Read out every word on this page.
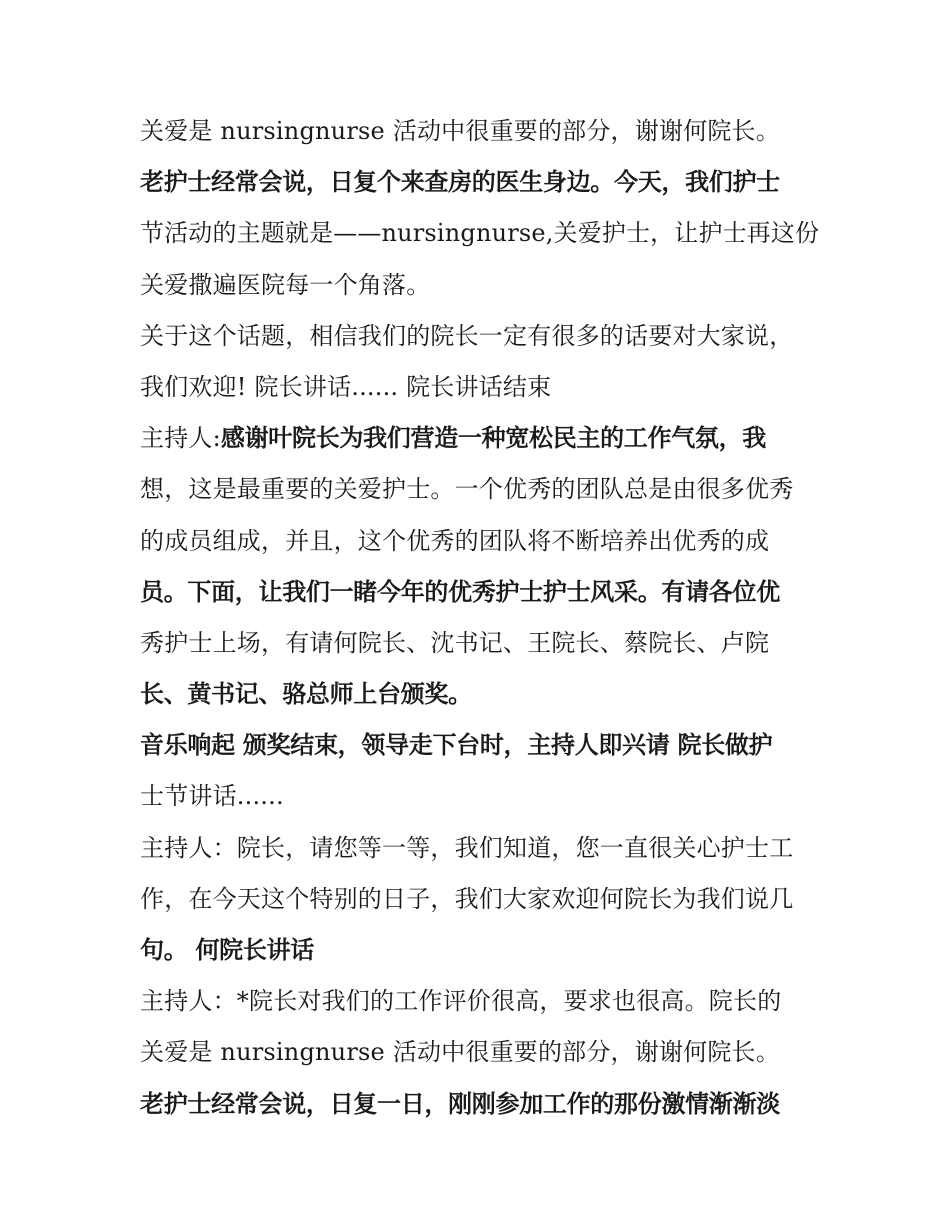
关爱是 nursingnurse 活动中很重要的部分，谢谢何院长。
老护士经常会说，日复个来查房的医生身边。今天，我们护士
节活动的主题就是——nursingnurse,关爱护士，让护士再这份
关爱撒遍医院每一个角落。
关于这个话题，相信我们的院长一定有很多的话要对大家说，
我们欢迎! 院长讲话...... 院长讲话结束
主持人:感谢叶院长为我们营造一种宽松民主的工作气氛，我
想，这是最重要的关爱护士。一个优秀的团队总是由很多优秀
的成员组成，并且，这个优秀的团队将不断培养出优秀的成
员。下面，让我们一睹今年的优秀护士护士风采。有请各位优
秀护士上场，有请何院长、沈书记、王院长、蔡院长、卢院
长、黄书记、骆总师上台颁奖。
音乐响起 颁奖结束，领导走下台时，主持人即兴请 院长做护
士节讲话......
主持人：院长，请您等一等，我们知道，您一直很关心护士工
作，在今天这个特别的日子，我们大家欢迎何院长为我们说几
句。 何院长讲话
主持人：*院长对我们的工作评价很高，要求也很高。院长的
关爱是 nursingnurse 活动中很重要的部分，谢谢何院长。
老护士经常会说，日复一日，刚刚参加工作的那份激情渐渐淡
